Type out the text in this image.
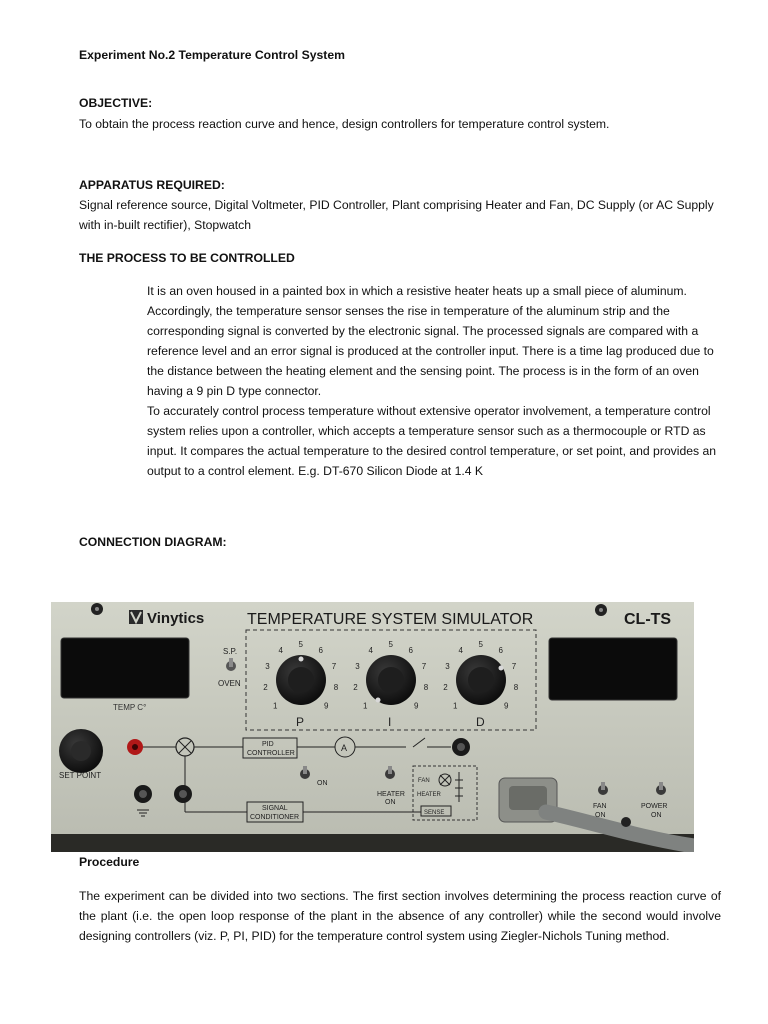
Experiment No.2 Temperature Control System

OBJECTIVE:

To obtain the process reaction curve and hence, design controllers for temperature control system.

APPARATUS REQUIRED:

Signal reference source, Digital Voltmeter, PID Controller, Plant comprising Heater and Fan, DC Supply (or AC Supply with in-built rectifier), Stopwatch

THE PROCESS TO BE CONTROLLED

It is an oven housed in a painted box in which a resistive heater heats up a small piece of aluminum. Accordingly, the temperature sensor senses the rise in temperature of the aluminum strip and the corresponding signal is converted by the electronic signal. The processed signals are compared with a reference level and an error signal is produced at the controller input. There is a time lag produced due to the distance between the heating element and the sensing point. The process is in the form of an oven having a 9 pin D type connector.

To accurately control process temperature without extensive operator involvement, a temperature control system relies upon a controller, which accepts a temperature sensor such as a thermocouple or RTD as input. It compares the actual temperature to the desired control temperature, or set point, and provides an output to a control element. E.g. DT-670 Silicon Diode at 1.4 K

CONNECTION DIAGRAM:

Vinytics	TEMPERATURE SYSTEM SIMULATOR	CL-TS
TEMP C°
S.P.
OVEN
1
2
3
4
5
6
7
8
9	1
2
3
4
5
6
7
8
9	1
2
3
4
5
6
7
8
9
P	I	D
SET POINT
PID
CONTROLLER
A
ON
HEATER
ON
FAN
HEATER
SENSE
SIGNAL
CONDITIONER
FAN
ON
POWER
ON

Procedure

The experiment can be divided into two sections. The first section involves determining the process reaction curve of the plant (i.e. the open loop response of the plant in the absence of any controller) while the second would involve designing controllers (viz. P, PI, PID) for the temperature control system using Ziegler-Nichols Tuning method.
